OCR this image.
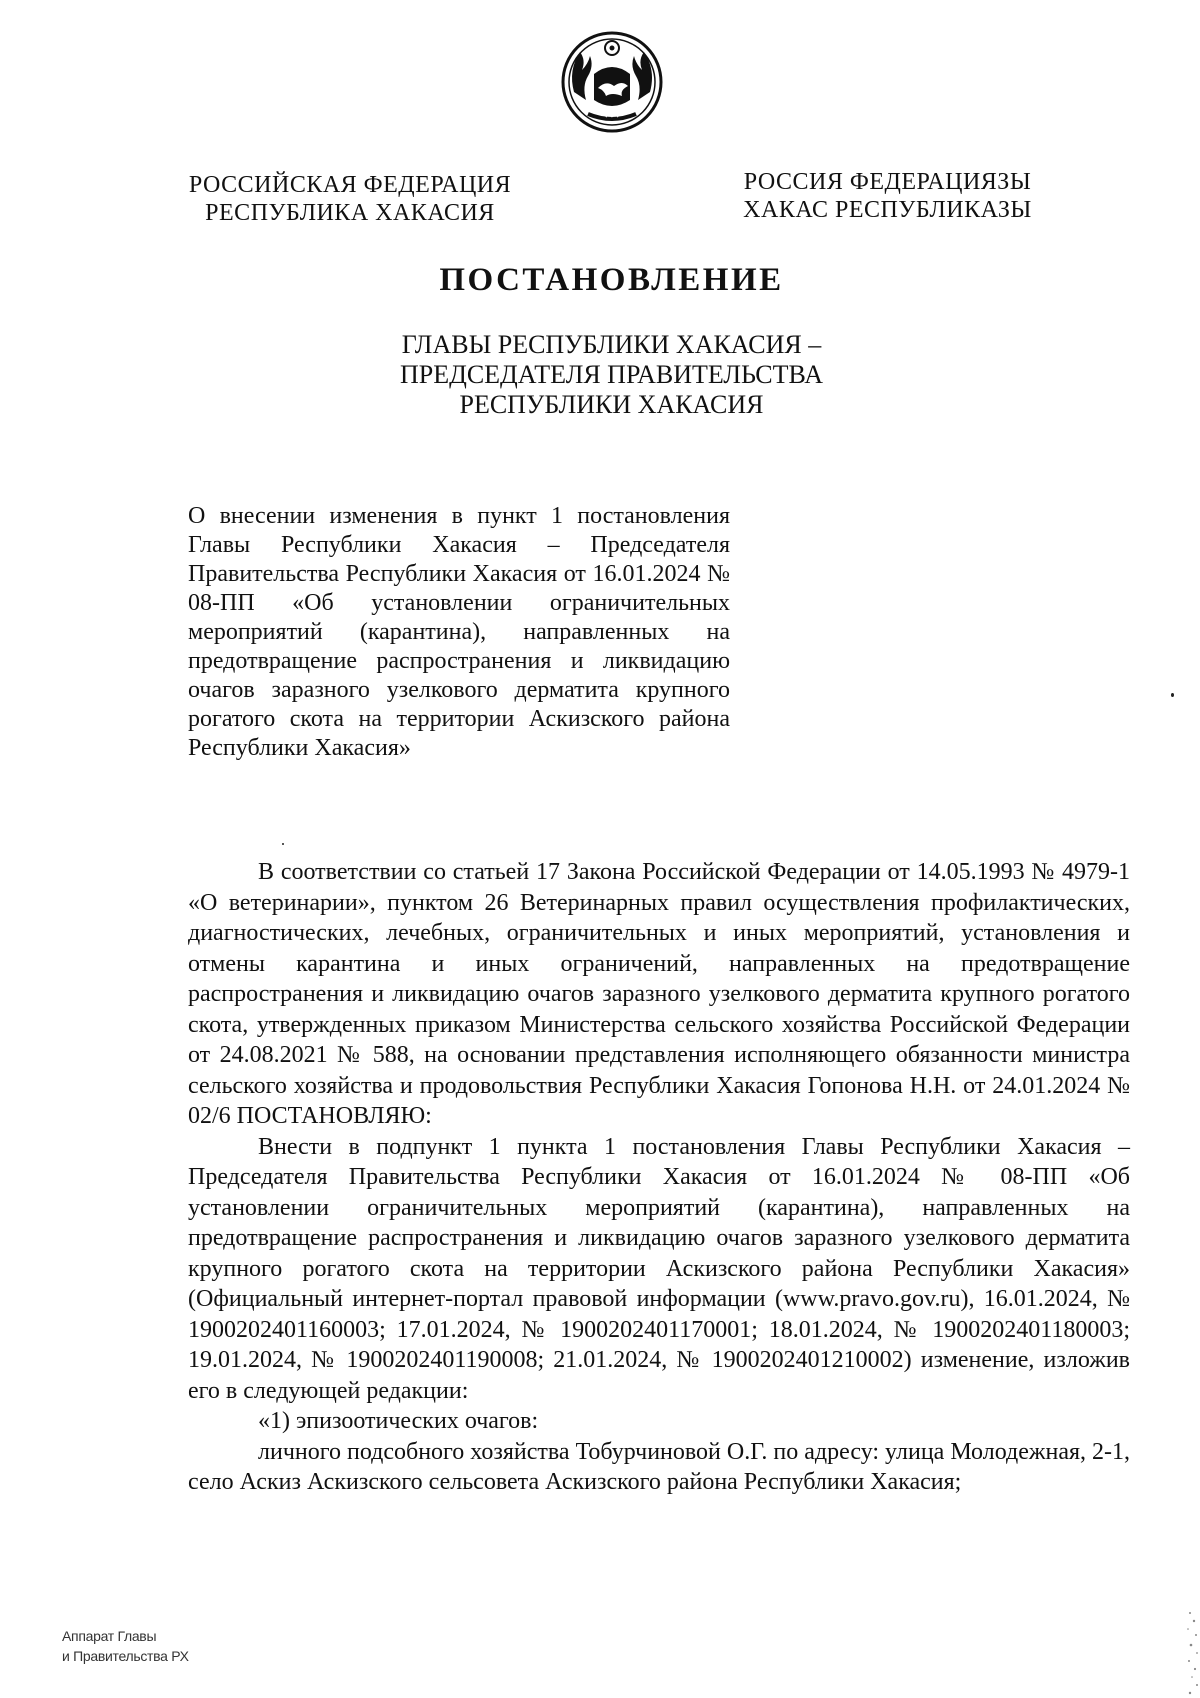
✦ ✦ ✦
РОССИЙСКАЯ ФЕДЕРАЦИЯ
РЕСПУБЛИКА ХАКАСИЯ
РОССИЯ ФЕДЕРАЦИЯЗЫ
ХАКАС РЕСПУБЛИКАЗЫ
ПОСТАНОВЛЕНИЕ
ГЛАВЫ РЕСПУБЛИКИ ХАКАСИЯ –
ПРЕДСЕДАТЕЛЯ ПРАВИТЕЛЬСТВА
РЕСПУБЛИКИ ХАКАСИЯ
О внесении изменения в пункт 1 постановления Главы Республики Хакасия – Председателя Правительства Республики Хакасия от 16.01.2024 № 08-ПП «Об установлении ограничительных мероприятий (карантина), направленных на предотвращение распространения и ликвидацию очагов заразного узелкового дерматита крупного рогатого скота на территории Аскизского района Республики Хакасия»

В соответствии со статьей 17 Закона Российской Федерации от 14.05.1993 № 4979-1 «О ветеринарии», пунктом 26 Ветеринарных правил осуществления профилактических, диагностических, лечебных, ограничительных и иных мероприятий, установления и отмены карантина и иных ограничений, направленных на предотвращение распространения и ликвидацию очагов заразного узелкового дерматита крупного рогатого скота, утвержденных приказом Министерства сельского хозяйства Российской Федерации от 24.08.2021 № 588, на основании представления исполняющего обязанности министра сельского хозяйства и продовольствия Республики Хакасия Гопонова Н.Н. от 24.01.2024 № 02/6 ПОСТАНОВЛЯЮ:

Внести в подпункт 1 пункта 1 постановления Главы Республики Хакасия – Председателя Правительства Республики Хакасия от 16.01.2024 № 08-ПП «Об установлении ограничительных мероприятий (карантина), направленных на предотвращение распространения и ликвидацию очагов заразного узелкового дерматита крупного рогатого скота на территории Аскизского района Республики Хакасия» (Официальный интернет-портал правовой информации (www.pravo.gov.ru), 16.01.2024, № 1900202401160003; 17.01.2024, № 1900202401170001; 18.01.2024, № 1900202401180003; 19.01.2024, № 1900202401190008; 21.01.2024, № 1900202401210002) изменение, изложив его в следующей редакции:

«1) эпизоотических очагов:

личного подсобного хозяйства Тобурчиновой О.Г. по адресу: улица Молодежная, 2-1, село Аскиз Аскизского сельсовета Аскизского района Республики Хакасия;

Аппарат Главы
и Правительства РХ
